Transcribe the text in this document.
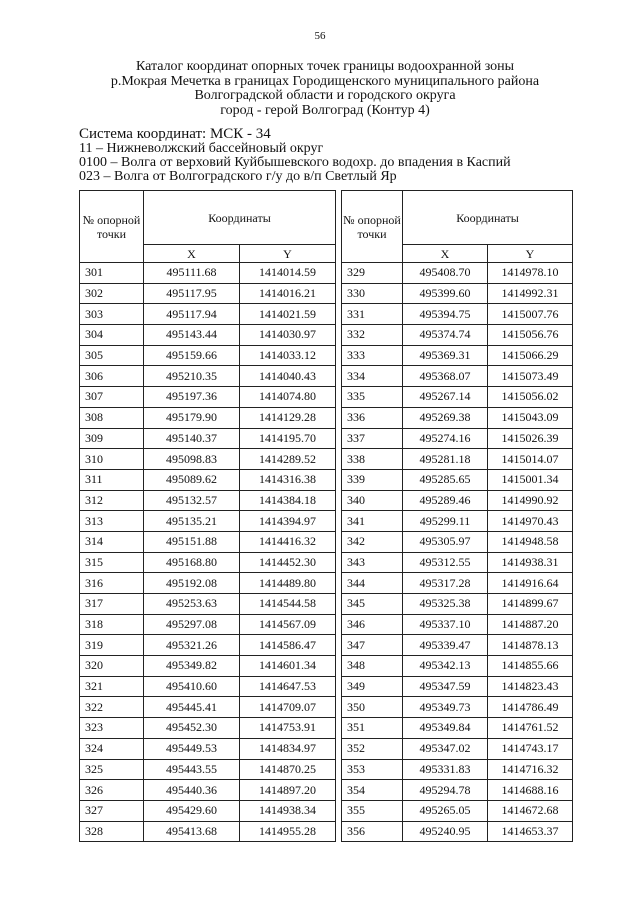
56
Каталог координат опорных точек границы водоохранной зоны
р.Мокрая Мечетка в границах Городищенского муниципального района
Волгоградской области и городского округа
город - герой Волгоград (Контур 4)
Система координат: МСК - 34
11 – Нижневолжский бассейновый округ
0100 – Волга от верховий Куйбышевского водохр. до впадения в Каспий
023 – Волга от Волгоградского г/у до в/п Светлый Яр
№ опорной точки	Координаты	
	X	Y
301	495111.68	1414014.59
302	495117.95	1414016.21
303	495117.94	1414021.59
304	495143.44	1414030.97
305	495159.66	1414033.12
306	495210.35	1414040.43
307	495197.36	1414074.80
308	495179.90	1414129.28
309	495140.37	1414195.70
310	495098.83	1414289.52
311	495089.62	1414316.38
312	495132.57	1414384.18
313	495135.21	1414394.97
314	495151.88	1414416.32
315	495168.80	1414452.30
316	495192.08	1414489.80
317	495253.63	1414544.58
318	495297.08	1414567.09
319	495321.26	1414586.47
320	495349.82	1414601.34
321	495410.60	1414647.53
322	495445.41	1414709.07
323	495452.30	1414753.91
324	495449.53	1414834.97
325	495443.55	1414870.25
326	495440.36	1414897.20
327	495429.60	1414938.34
328	495413.68	1414955.28
№ опорной точки	Координаты	
	X	Y
329	495408.70	1414978.10
330	495399.60	1414992.31
331	495394.75	1415007.76
332	495374.74	1415056.76
333	495369.31	1415066.29
334	495368.07	1415073.49
335	495267.14	1415056.02
336	495269.38	1415043.09
337	495274.16	1415026.39
338	495281.18	1415014.07
339	495285.65	1415001.34
340	495289.46	1414990.92
341	495299.11	1414970.43
342	495305.97	1414948.58
343	495312.55	1414938.31
344	495317.28	1414916.64
345	495325.38	1414899.67
346	495337.10	1414887.20
347	495339.47	1414878.13
348	495342.13	1414855.66
349	495347.59	1414823.43
350	495349.73	1414786.49
351	495349.84	1414761.52
352	495347.02	1414743.17
353	495331.83	1414716.32
354	495294.78	1414688.16
355	495265.05	1414672.68
356	495240.95	1414653.37
